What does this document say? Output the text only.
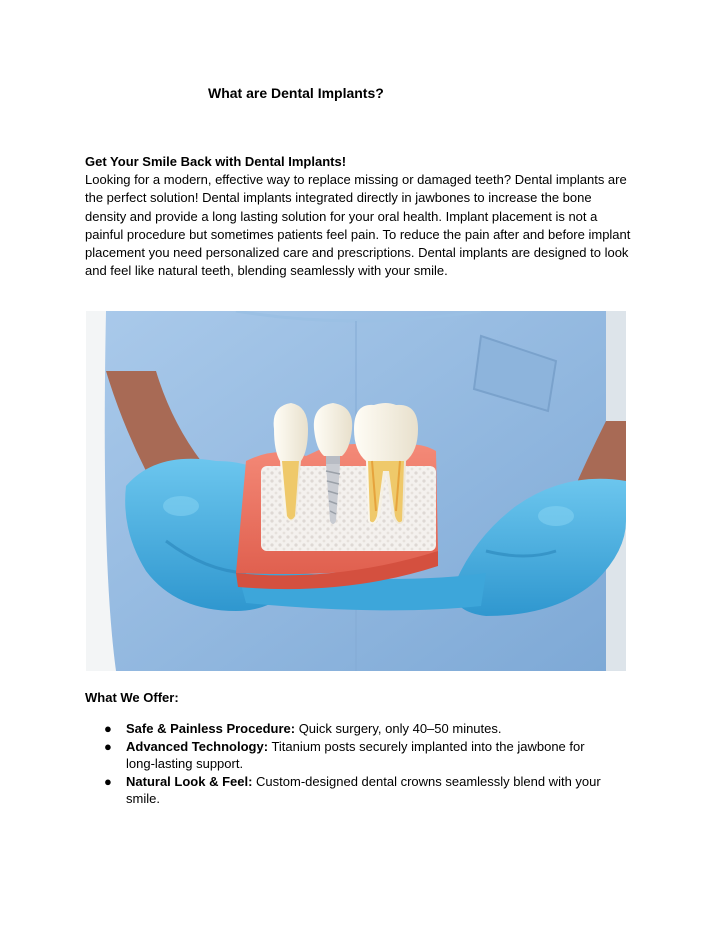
What are Dental Implants?

Get Your Smile Back with Dental Implants!
Looking for a modern, effective way to replace missing or damaged teeth? Dental implants are the perfect solution! Dental implants integrated directly in jawbones to increase the bone density and provide a long lasting solution for your oral health. Implant placement is not a painful procedure but sometimes patients feel pain. To reduce the pain after and before implant placement you need personalized care and prescriptions. Dental implants are designed to look and feel like natural teeth, blending seamlessly with your smile.

What We Offer:
● Safe & Painless Procedure: Quick surgery, only 40–50 minutes.
● Advanced Technology: Titanium posts securely implanted into the jawbone for long-lasting support.
● Natural Look & Feel: Custom-designed dental crowns seamlessly blend with your smile.
